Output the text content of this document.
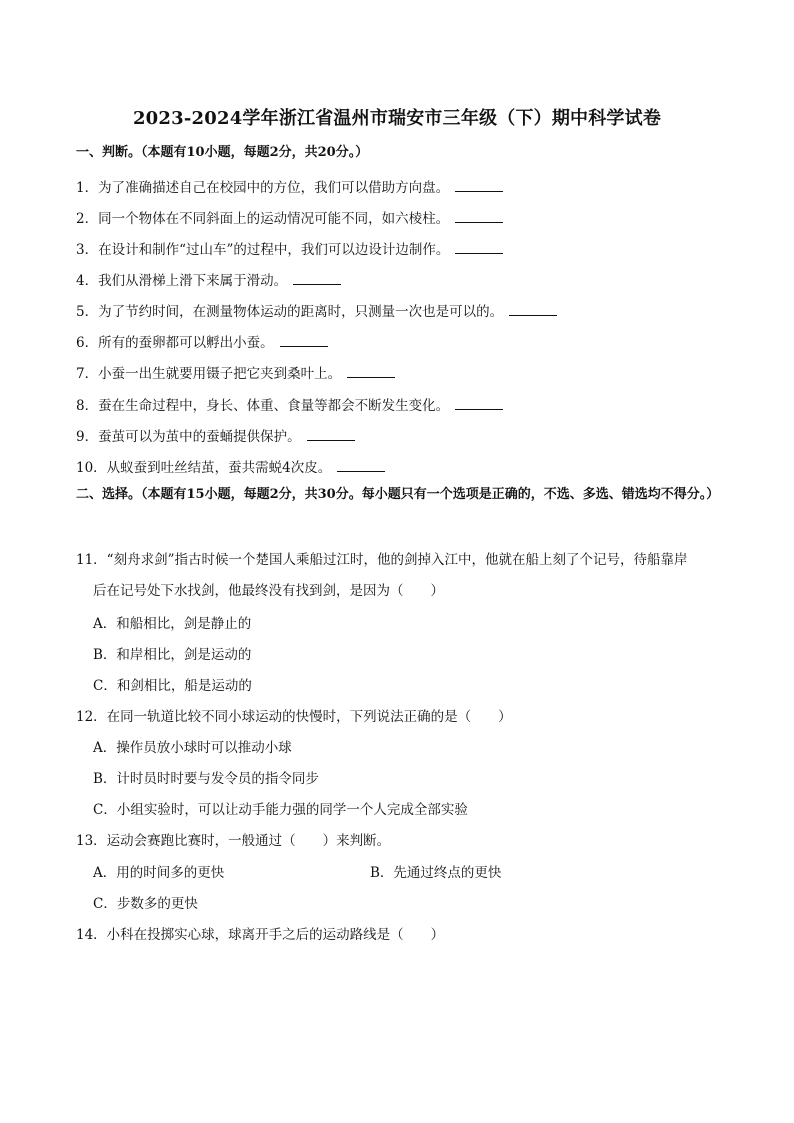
2023-2024学年浙江省温州市瑞安市三年级（下）期中科学试卷
一、判断。（本题有10小题，每题2分，共20分。）
1．为了准确描述自己在校园中的方位，我们可以借助方向盘。
2．同一个物体在不同斜面上的运动情况可能不同，如六棱柱。
3．在设计和制作“过山车”的过程中，我们可以边设计边制作。
4．我们从滑梯上滑下来属于滑动。
5．为了节约时间，在测量物体运动的距离时，只测量一次也是可以的。
6．所有的蚕卵都可以孵出小蚕。
7．小蚕一出生就要用镊子把它夹到桑叶上。
8．蚕在生命过程中，身长、体重、食量等都会不断发生变化。
9．蚕茧可以为茧中的蚕蛹提供保护。
10．从蚁蚕到吐丝结茧，蚕共需蜕4次皮。
二、选择。（本题有15小题，每题2分，共30分。每小题只有一个选项是正确的，不选、多选、错选均不得分。）
11．“刻舟求剑”指古时候一个楚国人乘船过江时，他的剑掉入江中，他就在船上刻了个记号，待船靠岸
后在记号处下水找剑，他最终没有找到剑，是因为（　　）
A．和船相比，剑是静止的
B．和岸相比，剑是运动的
C．和剑相比，船是运动的
12．在同一轨道比较不同小球运动的快慢时，下列说法正确的是（　　）
A．操作员放小球时可以推动小球
B．计时员时时要与发令员的指令同步
C．小组实验时，可以让动手能力强的同学一个人完成全部实验
13．运动会赛跑比赛时，一般通过（　　）来判断。
A．用的时间多的更快	B．先通过终点的更快
C．步数多的更快
14．小科在投掷实心球，球离开手之后的运动路线是（　　）
